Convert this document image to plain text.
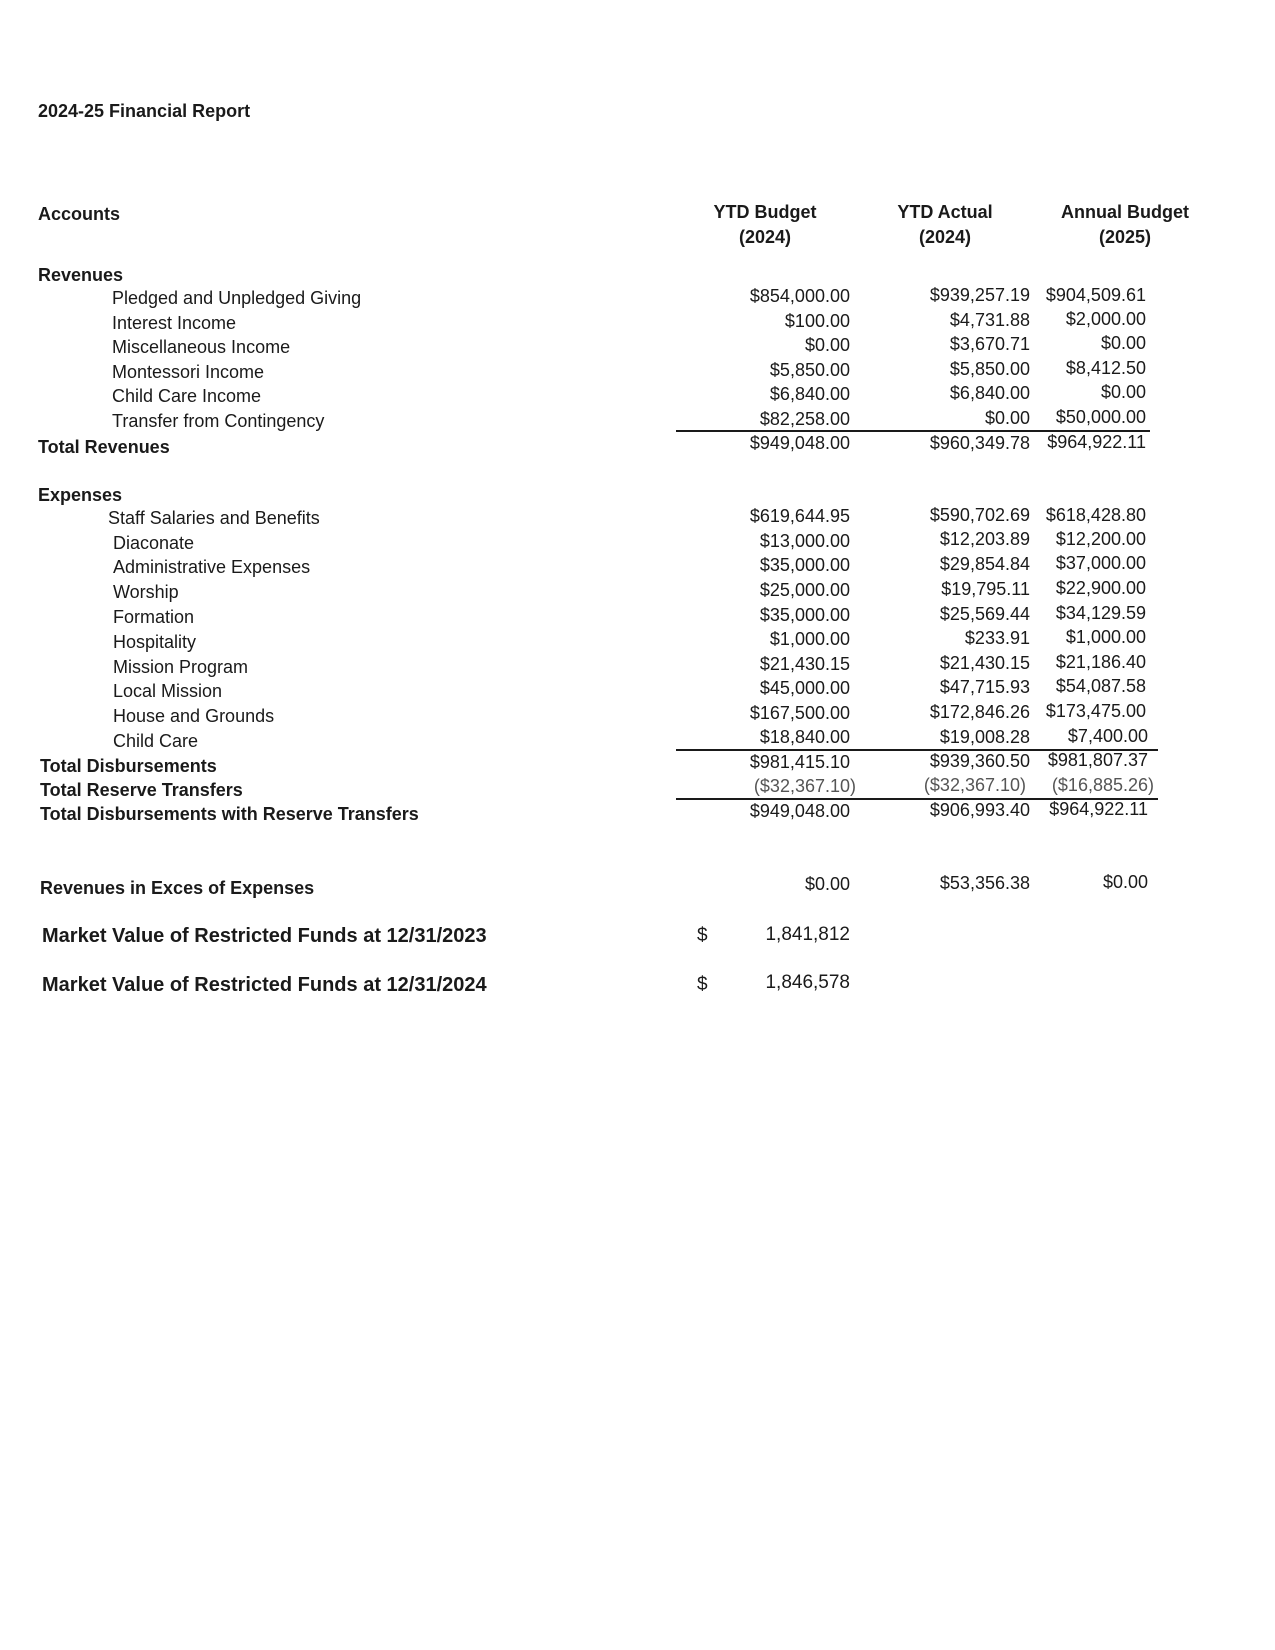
2024-25 Financial Report
Accounts	YTD Budget
(2024)
YTD Actual
(2024)
Annual Budget
(2025)
Revenues
Pledged and Unpledged Giving	$854,000.00	$939,257.19 $904,509.61
Interest Income	$100.00	$4,731.88	$2,000.00
Miscellaneous Income	$0.00	$3,670.71	$0.00
Montessori Income	$5,850.00	$5,850.00	$8,412.50
Child Care Income	$6,840.00	$6,840.00	$0.00
Transfer from Contingency	$82,258.00	$0.00	$50,000.00
Total Revenues	$949,048.00	$960,349.78 $964,922.11
Expenses
Staff Salaries and Benefits	$619,644.95	$590,702.69 $618,428.80
Diaconate	$13,000.00	$12,203.89	$12,200.00
Administrative Expenses	$35,000.00	$29,854.84	$37,000.00
Worship	$25,000.00	$19,795.11	$22,900.00
Formation	$35,000.00	$25,569.44	$34,129.59
Hospitality	$1,000.00	$233.91	$1,000.00
Mission Program	$21,430.15	$21,430.15	$21,186.40
Local Mission	$45,000.00	$47,715.93	$54,087.58
House and Grounds	$167,500.00	$172,846.26 $173,475.00
Child Care	$18,840.00	$19,008.28	$7,400.00
Total Disbursements	$981,415.10	$939,360.50 $981,807.37
Total Reserve Transfers	($32,367.10)	($32,367.10)	($16,885.26)
Total Disbursements with Reserve Transfers	$949,048.00	$906,993.40	$964,922.11
Revenues in Exces of Expenses	$0.00	$53,356.38	$0.00
Market Value of Restricted Funds at 12/31/2023	$	1,841,812
Market Value of Restricted Funds at 12/31/2024	$	1,846,578
